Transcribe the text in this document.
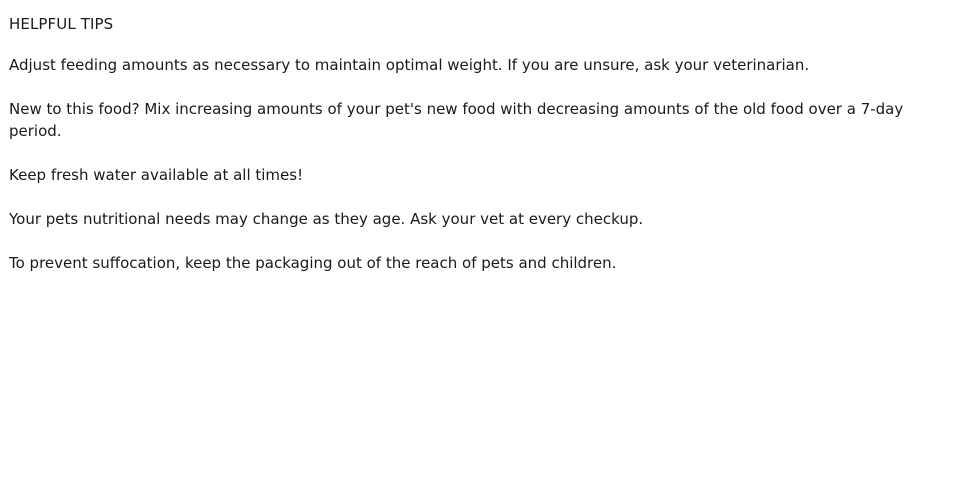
HELPFUL TIPS

Adjust feeding amounts as necessary to maintain optimal weight. If you are unsure, ask your veterinarian.

New to this food? Mix increasing amounts of your pet's new food with decreasing amounts of the old food over a 7-day period.

Keep fresh water available at all times!

Your pets nutritional needs may change as they age. Ask your vet at every checkup.

To prevent suffocation, keep the packaging out of the reach of pets and children.
